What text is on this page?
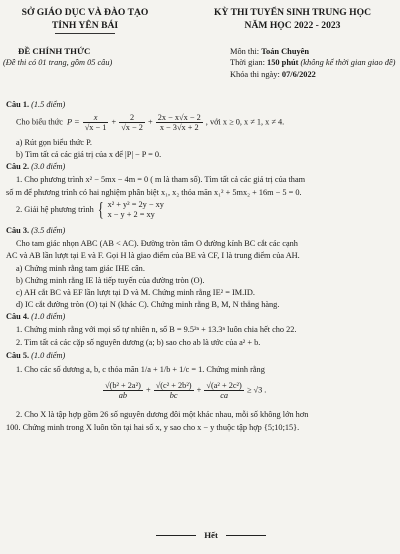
SỞ GIÁO DỤC VÀ ĐÀO TẠO
TỈNH YÊN BÁI
KỲ THI TUYỂN SINH TRUNG HỌC
NĂM HỌC 2022 - 2023
ĐỀ CHÍNH THỨC
(Đề thi có 01 trang, gồm 05 câu)
Môn thi: Toán Chuyên
Thời gian: 150 phút (không kể thời gian giao đề)
Khóa thi ngày: 07/6/2022
Câu 1. (1.5 điểm)
Cho biểu thức  $P = \frac{x}{√x - 1} + \frac{2}{√x - 2} + \frac{2x - x√x - 2}{x - 3√x + 2}$ , với x ≥ 0, x ≠ 1, x ≠ 4.
a) Rút gọn biểu thức P.
b) Tìm tất cả các giá trị của x để |P| − P = 0.
Câu 2. (3.0 điểm)
1. Cho phương trình x² − 5mx − 4m = 0 ( m là tham số). Tìm tất cả các giá trị của tham
số m để phương trình có hai nghiệm phân biệt x₁, x₂ thỏa mãn x₁² + 5mx₂ + 16m − 5 = 0.
2. Giải hệ phương trình { x² + y² = 2y − xy
x − y + 2 = xy
Câu 3. (3.5 điểm)
Cho tam giác nhọn ABC (AB < AC). Đường tròn tâm O đường kính BC cắt các cạnh
AC và AB lần lượt tại E và F. Gọi H là giao điểm của BE và CF, I là trung điểm của AH.
a) Chứng minh rằng tam giác IHE cân.
b) Chứng minh rằng IE là tiếp tuyến của đường tròn (O).
c) AH cắt BC và EF lần lượt tại D và M. Chứng minh rằng IE² = IM.ID.
d) IC cắt đường tròn (O) tại N (khác C). Chứng minh rằng B, M, N thẳng hàng.
Câu 4. (1.0 điểm)
1. Chứng minh rằng với mọi số tự nhiên n, số B = 9.5²ⁿ + 13.3ⁿ luôn chia hết cho 22.
2. Tìm tất cả các cặp số nguyên dương (a; b) sao cho ab là ước của a² + b.
Câu 5. (1.0 điểm)
1. Cho các số dương a, b, c thỏa mãn 1/a + 1/b + 1/c = 1. Chứng minh rằng
$\frac{\text{√(b² + 2a²)}}{ab} + \frac{\text{√(c² + 2b²)}}{bc} + \frac{\text{√(a² + 2c²)}}{ca} \ge √3$ .
2. Cho X là tập hợp gồm 26 số nguyên dương đôi một khác nhau, mỗi số không lớn hơn
100. Chứng minh trong X luôn tồn tại hai số x, y sao cho x − y thuộc tập hợp {5;10;15}.
Hết
